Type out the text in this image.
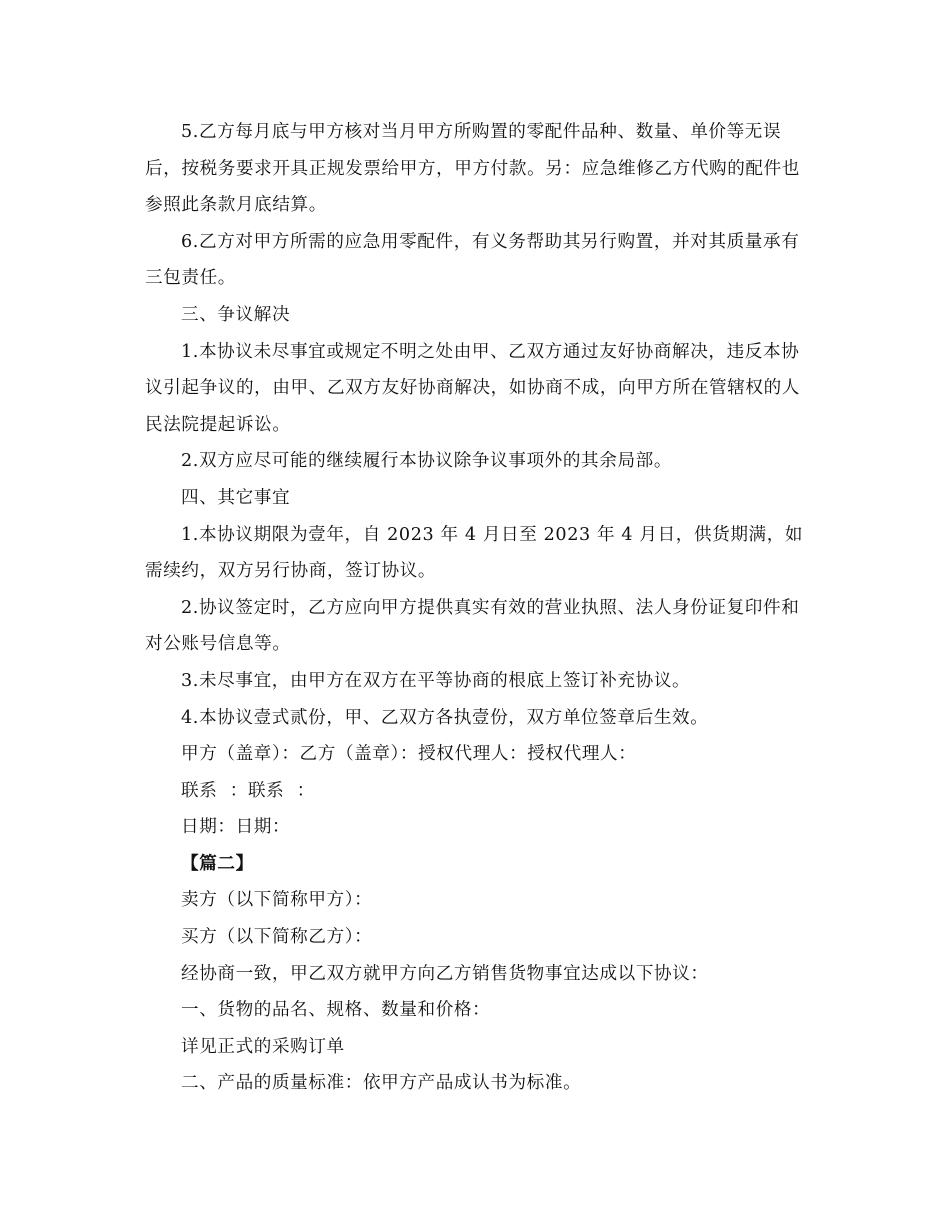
5.乙方每月底与甲方核对当月甲方所购置的零配件品种、数量、单价等无误后，按税务要求开具正规发票给甲方，甲方付款。另：应急维修乙方代购的配件也参照此条款月底结算。

6.乙方对甲方所需的应急用零配件，有义务帮助其另行购置，并对其质量承有三包责任。

三、争议解决

1.本协议未尽事宜或规定不明之处由甲、乙双方通过友好协商解决，违反本协议引起争议的，由甲、乙双方友好协商解决，如协商不成，向甲方所在管辖权的人民法院提起诉讼。

2.双方应尽可能的继续履行本协议除争议事项外的其余局部。

四、其它事宜

1.本协议期限为壹年，自 2023 年 4 月日至 2023 年 4 月日，供货期满，如需续约，双方另行协商，签订协议。

2.协议签定时，乙方应向甲方提供真实有效的营业执照、法人身份证复印件和对公账号信息等。

3.未尽事宜，由甲方在双方在平等协商的根底上签订补充协议。

4.本协议壹式贰份，甲、乙双方各执壹份，双方单位签章后生效。

甲方（盖章）：乙方（盖章）：授权代理人：授权代理人：

联系  ：联系  ：

日期：日期：

【篇二】

卖方（以下简称甲方）：

买方（以下简称乙方）：

经协商一致，甲乙双方就甲方向乙方销售货物事宜达成以下协议：

一、货物的品名、规格、数量和价格：

详见正式的采购订单

二、产品的质量标准：依甲方产品成认书为标准。
